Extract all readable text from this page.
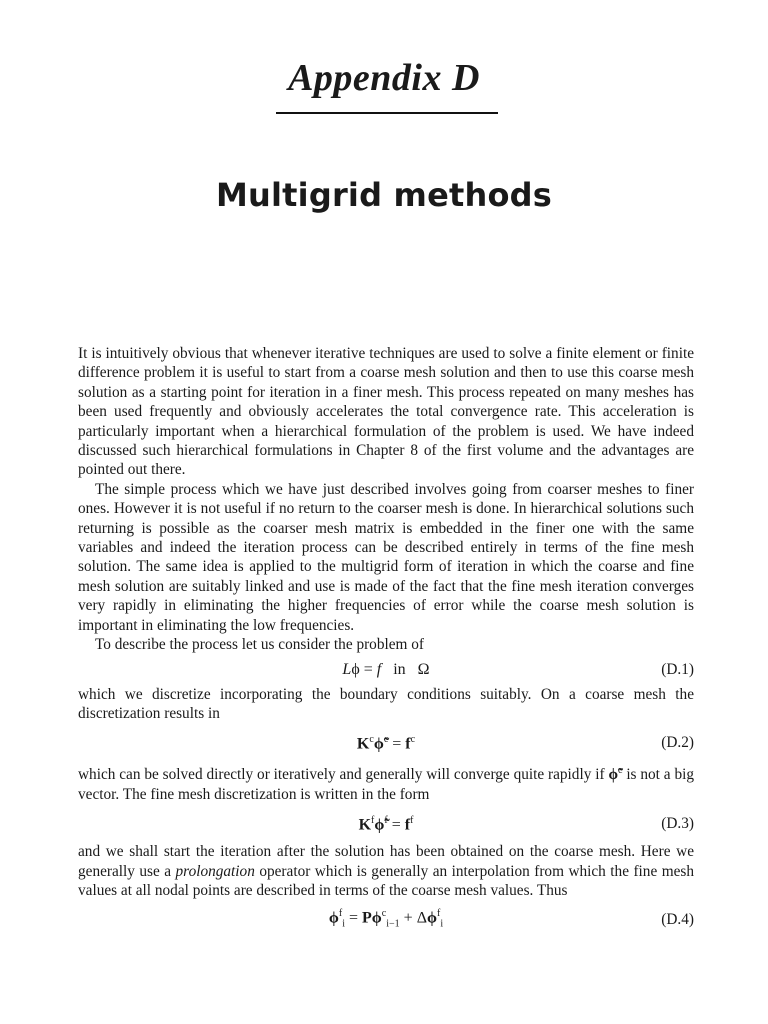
Appendix D
Multigrid methods

It is intuitively obvious that whenever iterative techniques are used to solve a finite element or finite difference problem it is useful to start from a coarse mesh solution and then to use this coarse mesh solution as a starting point for iteration in a finer mesh. This process repeated on many meshes has been used frequently and obviously accelerates the total convergence rate. This acceleration is particularly important when a hierarchical formulation of the problem is used. We have indeed discussed such hierarchical formulations in Chapter 8 of the first volume and the advantages are pointed out there.

The simple process which we have just described involves going from coarser meshes to finer ones. However it is not useful if no return to the coarser mesh is done. In hierarchical solutions such returning is possible as the coarser mesh matrix is embedded in the finer one with the same variables and indeed the iteration process can be described entirely in terms of the fine mesh solution. The same idea is applied to the multigrid form of iteration in which the coarse and fine mesh solution are suitably linked and use is made of the fact that the fine mesh iteration converges very rapidly in eliminating the higher frequencies of error while the coarse mesh solution is important in eliminating the low frequencies.

To describe the process let us consider the problem of

Lϕ = f   in   Ω	(D.1)

which we discretize incorporating the boundary conditions suitably. On a coarse mesh the discretization results in

$K^c\phĩ^c = f^c$	(D.2)

which can be solved directly or iteratively and generally will converge quite rapidly if ϕ̃$^c$ is not a big vector. The fine mesh discretization is written in the form

$K^f\phĩ^f = f^f$	(D.3)

and we shall start the iteration after the solution has been obtained on the coarse mesh. Here we generally use a prolongation operator which is generally an interpolation from which the fine mesh values at all nodal points are described in terms of the coarse mesh values. Thus

$\phi^f_i = P\phi^c_{i-1} + \Delta\phi^f_i$	(D.4)
